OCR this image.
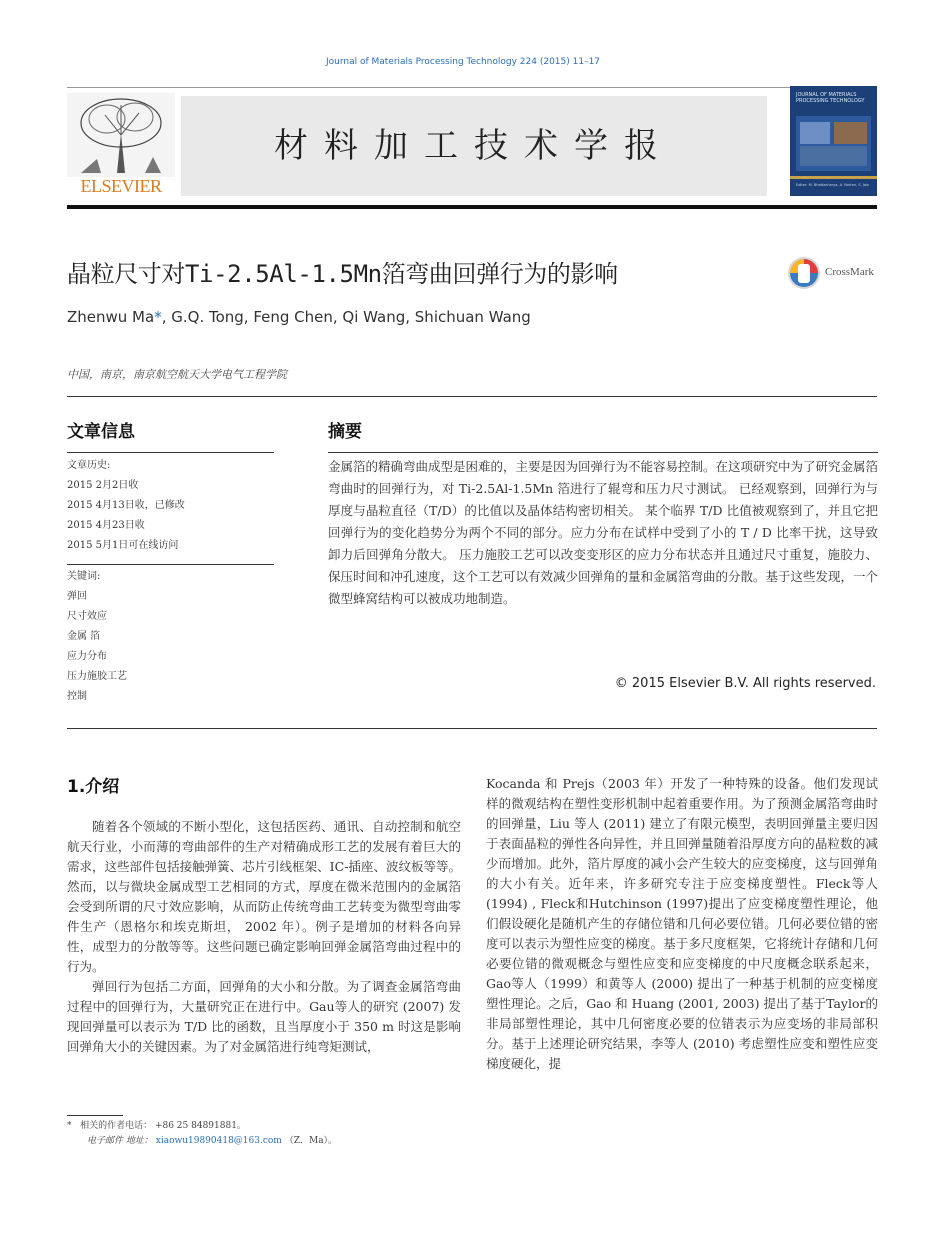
Journal of Materials Processing Technology 224 (2015) 11–17
ELSEVIER
材料加工技术学报
JOURNAL OF MATERIALS PROCESSING TECHNOLOGY
Editor: M. Bhattacharya, A. Norton, S. Jain
晶粒尺寸对Ti-2.5Al-1.5Mn箔弯曲回弹行为的影响	CrossMark
Zhenwu Ma*, G.Q. Tong, Feng Chen, Qi Wang, Shichuan Wang
中国，南京，南京航空航天大学电气工程学院
文章信息
文章历史:
2015 2月2日收
2015 4月13日收，已修改
2015 4月23日收
2015 5月1日可在线访问
关键词:
弹回
尺寸效应
金属 箔
应力分布
压力施胶工艺
控制
摘要
金属箔的精确弯曲成型是困难的，主要是因为回弹行为不能容易控制。在这项研究中为了研究金属箔弯曲时的回弹行为，对 Ti-2.5Al-1.5Mn 箔进行了辊弯和压力尺寸测试。 已经观察到，回弹行为与厚度与晶粒直径（T/D）的比值以及晶体结构密切相关。 某个临界 T/D 比值被观察到了，并且它把回弹行为的变化趋势分为两个不同的部分。应力分布在试样中受到了小的 T / D 比率干扰，这导致卸力后回弹角分散大。 压力施胶工艺可以改变变形区的应力分布状态并且通过尺寸重复，施胶力、保压时间和冲孔速度，这个工艺可以有效减少回弹角的量和金属箔弯曲的分散。基于这些发现，一个微型蜂窝结构可以被成功地制造。
© 2015 Elsevier B.V. All rights reserved.
1.介绍

随着各个领域的不断小型化，这包括医药、通讯、自动控制和航空航天行业，小而薄的弯曲部件的生产对精确成形工艺的发展有着巨大的需求，这些部件包括接触弹簧、芯片引线框架、IC-插座、波纹板等等。然而，以与微块金属成型工艺相同的方式，厚度在微米范围内的金属箔会受到所谓的尺寸效应影响，从而防止传统弯曲工艺转变为微型弯曲零件生产（恩格尔和埃克斯坦， 2002 年）。例子是增加的材料各向异性，成型力的分散等等。这些问题已确定影响回弹金属箔弯曲过程中的行为。

弹回行为包括二方面，回弹角的大小和分散。为了调查金属箔弯曲过程中的回弹行为，大量研究正在进行中。Gau等人的研究 (2007) 发现回弹量可以表示为 T/D 比的函数，且当厚度小于 350 m 时这是影响回弹角大小的关键因素。为了对金属箔进行纯弯矩测试，

Kocanda 和 Prejs（2003 年）开发了一种特殊的设备。他们发现试样的微观结构在塑性变形机制中起着重要作用。为了预测金属箔弯曲时的回弹量，Liu 等人 (2011) 建立了有限元模型，表明回弹量主要归因于表面晶粒的弹性各向异性，并且回弹量随着沿厚度方向的晶粒数的减少而增加。此外，箔片厚度的减小会产生较大的应变梯度，这与回弹角的大小有关。近年来，许多研究专注于应变梯度塑性。Fleck等人(1994) , Fleck和Hutchinson (1997)提出了应变梯度塑性理论，他们假设硬化是随机产生的存储位错和几何必要位错。几何必要位错的密度可以表示为塑性应变的梯度。基于多尺度框架，它将统计存储和几何必要位错的微观概念与塑性应变和应变梯度的中尺度概念联系起来， Gao等人（1999）和黄等人 (2000) 提出了一种基于机制的应变梯度塑性理论。之后，Gao 和 Huang (2001, 2003) 提出了基于Taylor的非局部塑性理论，其中几何密度必要的位错表示为应变场的非局部积分。基于上述理论研究结果，李等人 (2010) 考虑塑性应变和塑性应变梯度硬化，提

* 相关的作者电话： +86 25 84891881。
电子邮件 地址： xiaowu19890418@163.com （Z．Ma）。
